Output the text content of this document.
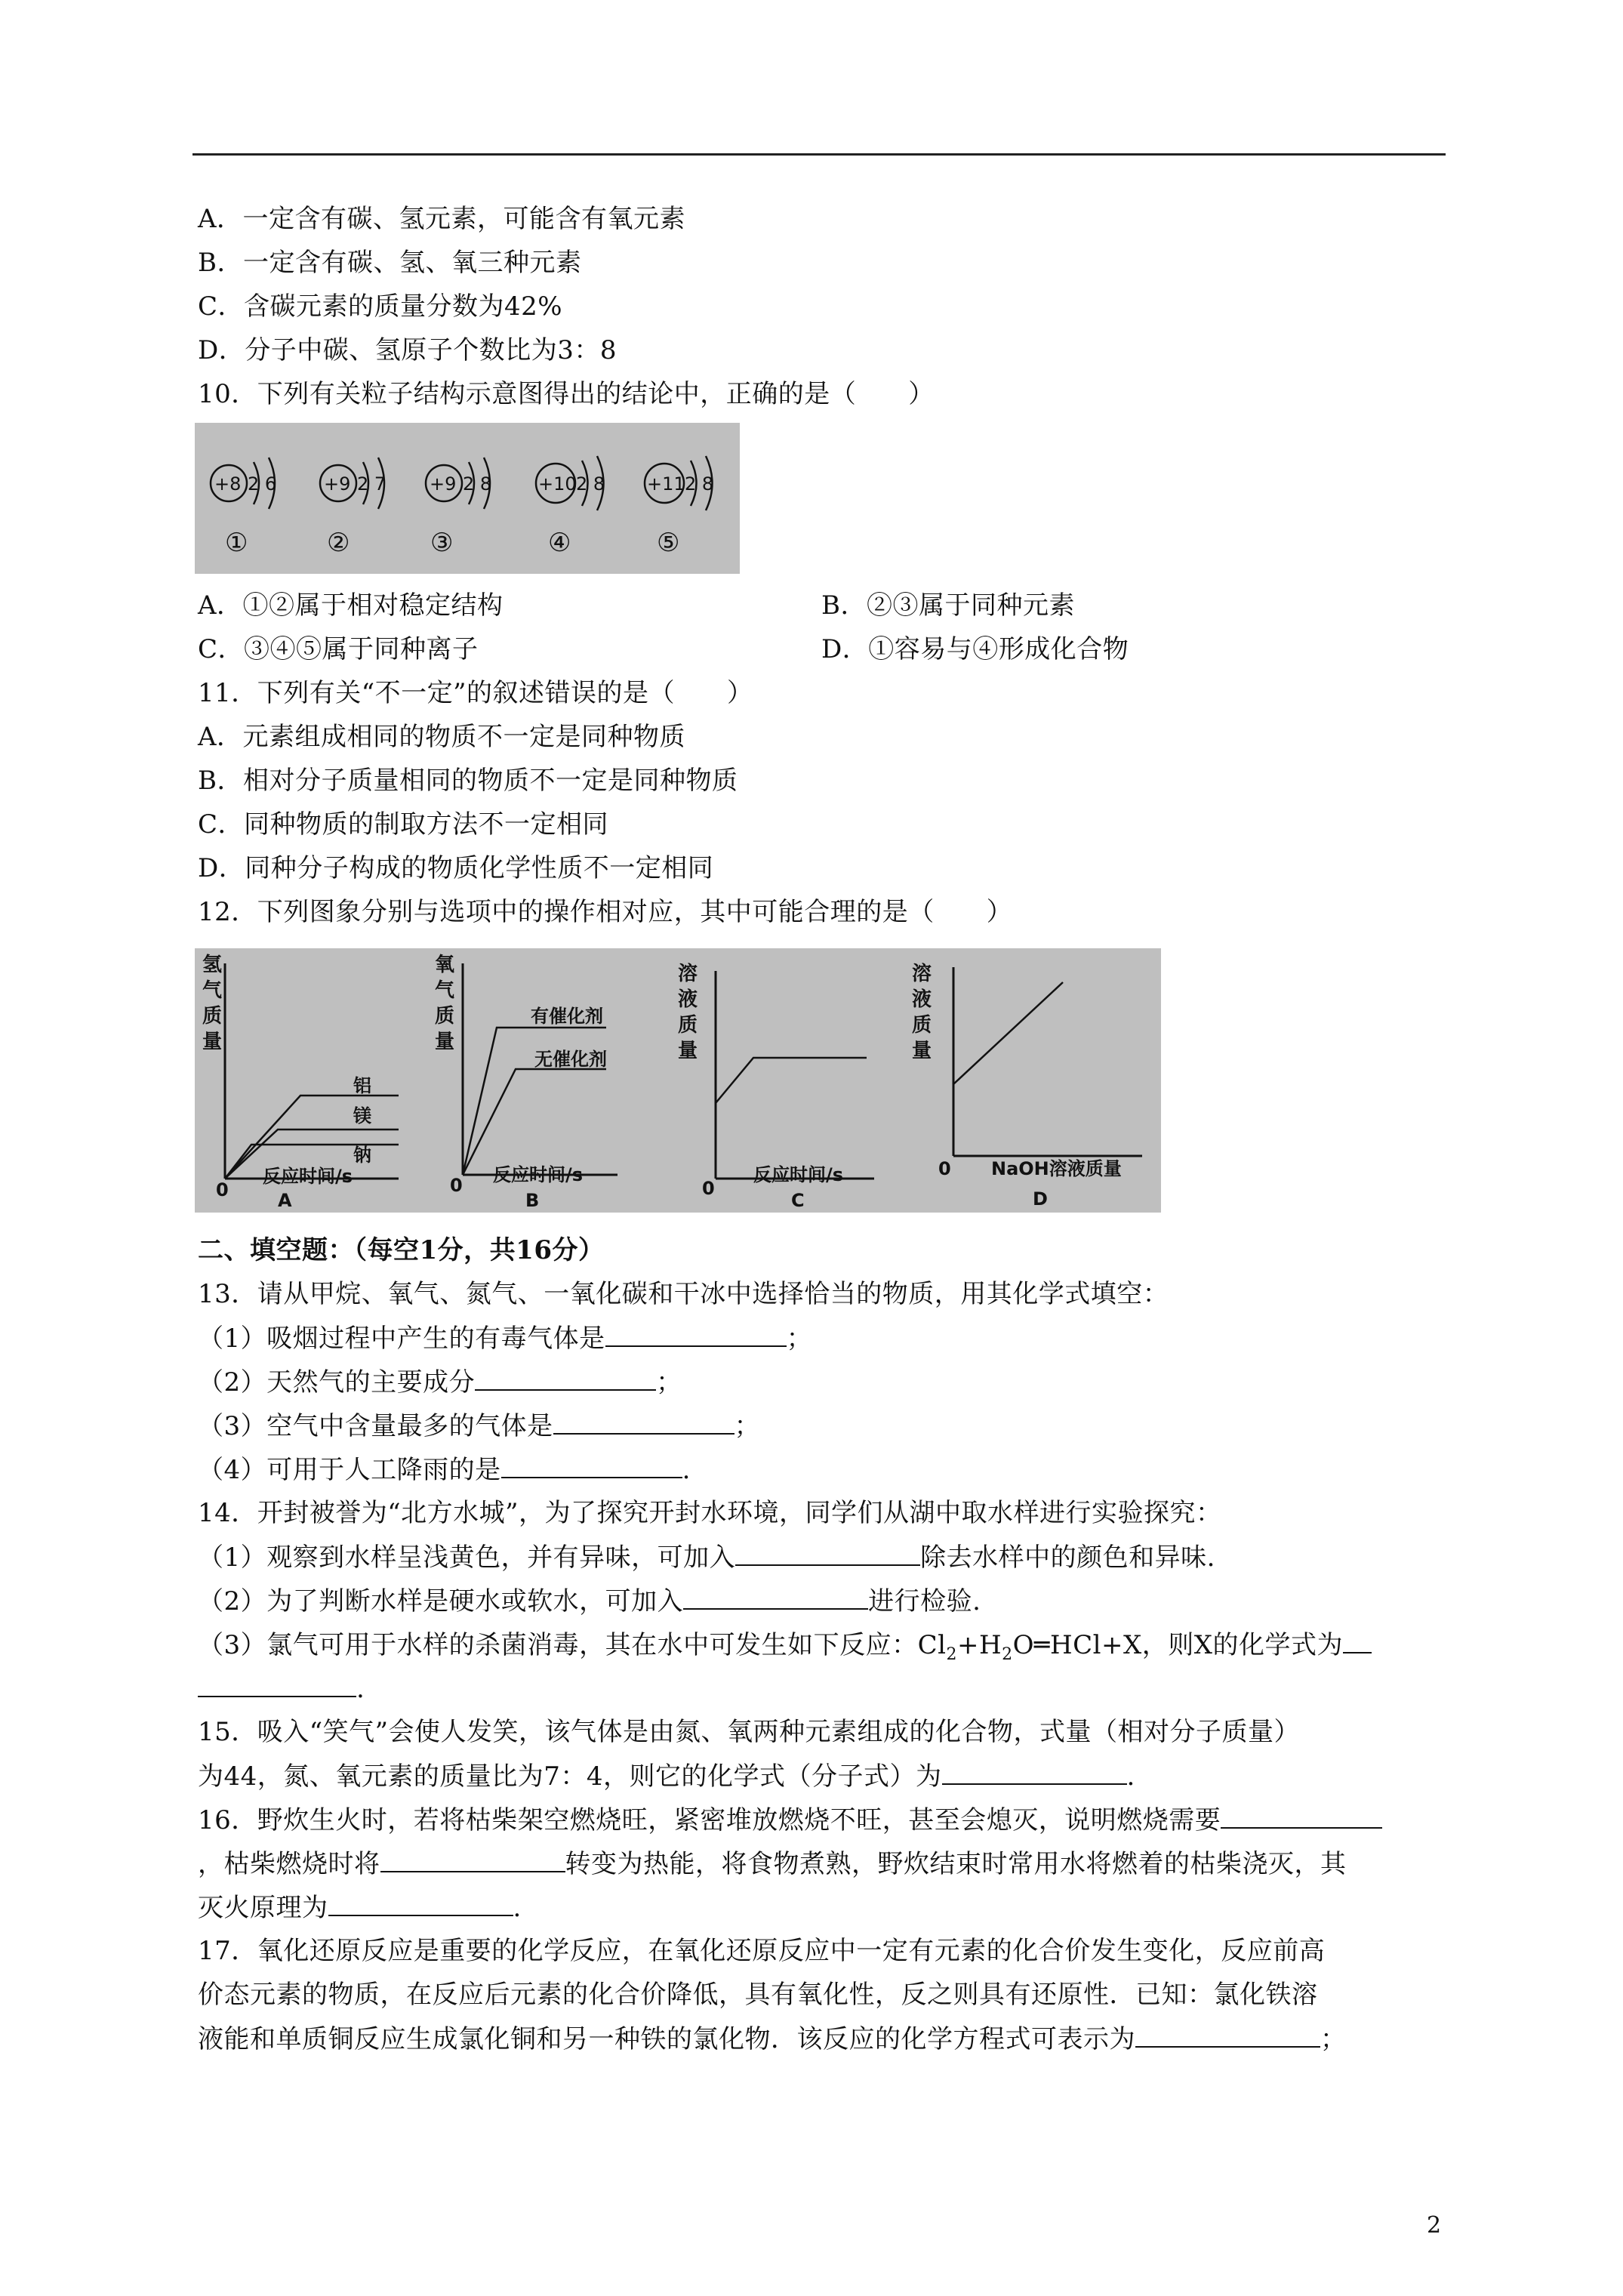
A．一定含有碳、氢元素，可能含有氧元素
B．一定含有碳、氢、氧三种元素
C．含碳元素的质量分数为42%
D．分子中碳、氢原子个数比为3：8
10．下列有关粒子结构示意图得出的结论中，正确的是（　　）
+8 2 6
①
+9 2 7
②
+9 2 8
③
+10 2 8
④
+11 2 8
⑤
A．①②属于相对稳定结构	B．②③属于同种元素
C．③④⑤属于同种离子	D．①容易与④形成化合物
11．下列有关“不一定”的叙述错误的是（　　）
A．元素组成相同的物质不一定是同种物质
B．相对分子质量相同的物质不一定是同种物质
C．同种物质的制取方法不一定相同
D．同种分子构成的物质化学性质不一定相同
12．下列图象分别与选项中的操作相对应，其中可能合理的是（　　）
氢
气
质
量
铝
镁
钠
0
反应时间/s
A
氧
气
质
量
有催化剂
无催化剂
0 反应时间/s
B
溶
液
质
量
0
反应时间/s
C
溶
液
质
量
0 NaOH溶液质量
D
二、填空题：（每空1分，共16分）
13．请从甲烷、氧气、氮气、一氧化碳和干冰中选择恰当的物质，用其化学式填空：
（1）吸烟过程中产生的有毒气体是	；
（2）天然气的主要成分	；
（3）空气中含量最多的气体是	；
（4）可用于人工降雨的是	.
14．开封被誉为“北方水城”，为了探究开封水环境，同学们从湖中取水样进行实验探究：
（1）观察到水样呈浅黄色，并有异味，可加入	除去水样中的颜色和异味.
（2）为了判断水样是硬水或软水，可加入	进行检验.
（3）氯气可用于水样的杀菌消毒，其在水中可发生如下反应：$Cl_2+H_2O═HCl+X$，则X的化学式为
.
15．吸入“笑气”会使人发笑，该气体是由氮、氧两种元素组成的化合物，式量（相对分子质量）
为44，氮、氧元素的质量比为7：4，则它的化学式（分子式）为	.
16．野炊生火时，若将枯柴架空燃烧旺，紧密堆放燃烧不旺，甚至会熄灭，说明燃烧需要
，枯柴燃烧时将	转变为热能，将食物煮熟，野炊结束时常用水将燃着的枯柴浇灭，其
灭火原理为	.
17．氧化还原反应是重要的化学反应，在氧化还原反应中一定有元素的化合价发生变化，反应前高
价态元素的物质，在反应后元素的化合价降低，具有氧化性，反之则具有还原性．已知：氯化铁溶
液能和单质铜反应生成氯化铜和另一种铁的氯化物．该反应的化学方程式可表示为	；
2
